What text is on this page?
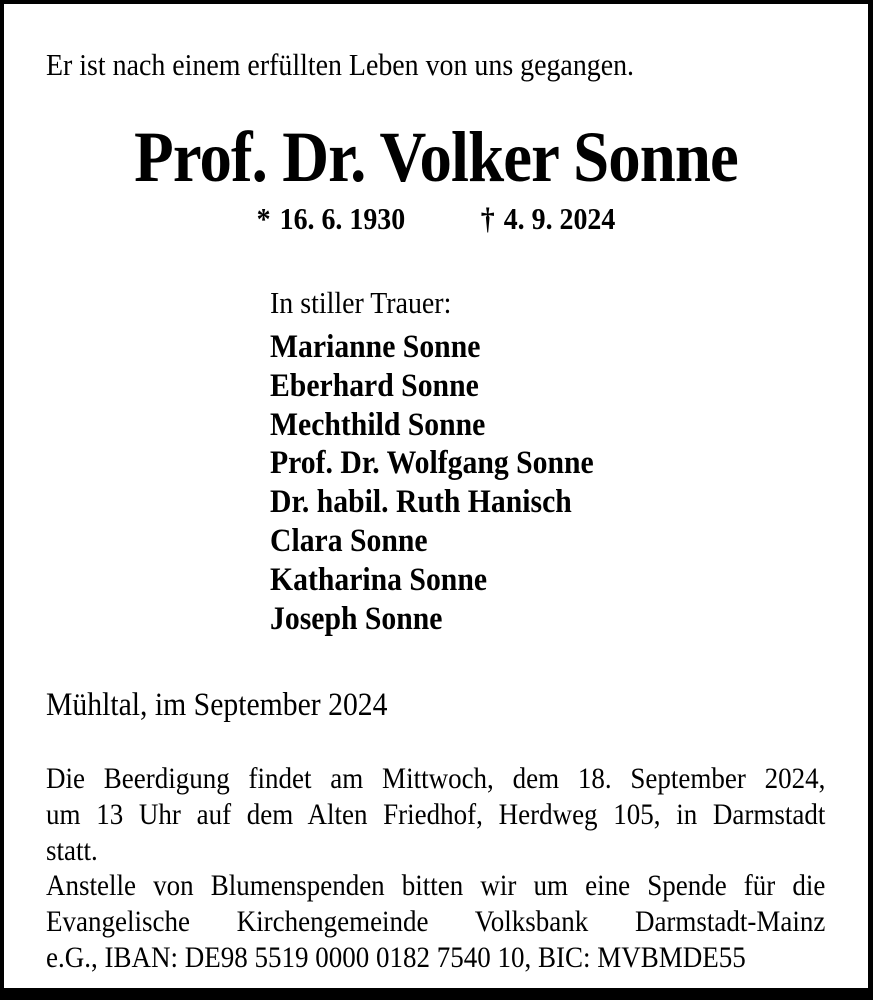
Er ist nach einem erfüllten Leben von uns gegangen.
Prof. Dr. Volker Sonne
* 16. 6. 1930 † 4. 9. 2024
In stiller Trauer:
Marianne Sonne
Eberhard Sonne
Mechthild Sonne
Prof. Dr. Wolfgang Sonne
Dr. habil. Ruth Hanisch
Clara Sonne
Katharina Sonne
Joseph Sonne
Mühltal, im September 2024
Die Beerdigung findet am Mittwoch, dem 18. September 2024,
um 13 Uhr auf dem Alten Friedhof, Herdweg 105, in Darmstadt
statt.
Anstelle von Blumenspenden bitten wir um eine Spende für die
Evangelische Kirchengemeinde Volksbank Darmstadt-Mainz
e.G., IBAN: DE98 5519 0000 0182 7540 10, BIC: MVBMDE55
